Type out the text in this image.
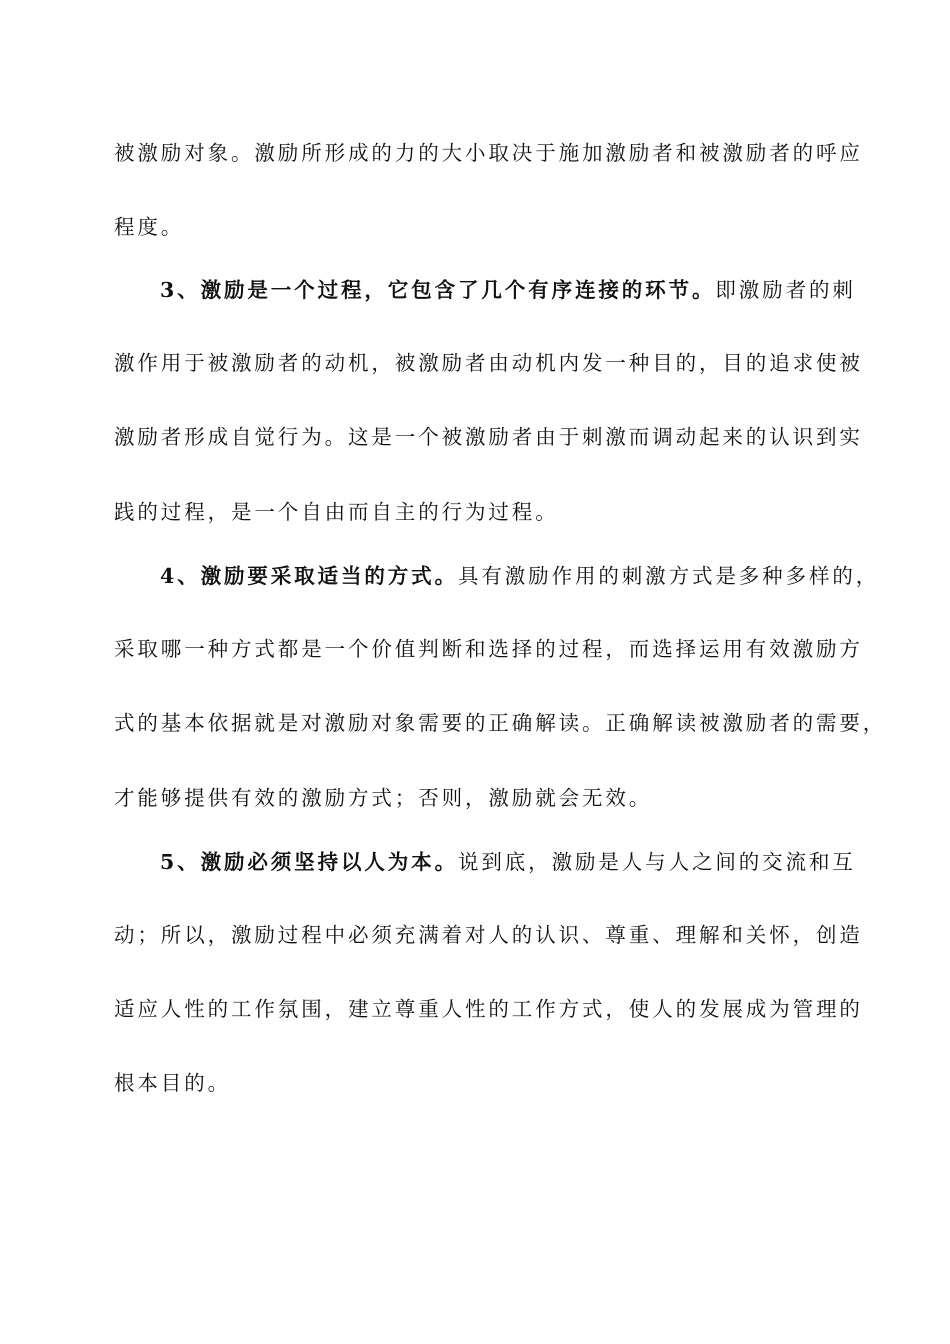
被激励对象。激励所形成的力的大小取决于施加激励者和被激励者的呼应
程度。
3、激励是一个过程，它包含了几个有序连接的环节。即激励者的刺
激作用于被激励者的动机，被激励者由动机内发一种目的，目的追求使被
激励者形成自觉行为。这是一个被激励者由于刺激而调动起来的认识到实
践的过程，是一个自由而自主的行为过程。
4、激励要采取适当的方式。具有激励作用的刺激方式是多种多样的，
采取哪一种方式都是一个价值判断和选择的过程，而选择运用有效激励方
式的基本依据就是对激励对象需要的正确解读。正确解读被激励者的需要，
才能够提供有效的激励方式；否则，激励就会无效。
5、激励必须坚持以人为本。说到底，激励是人与人之间的交流和互
动；所以，激励过程中必须充满着对人的认识、尊重、理解和关怀，创造
适应人性的工作氛围，建立尊重人性的工作方式，使人的发展成为管理的
根本目的。
